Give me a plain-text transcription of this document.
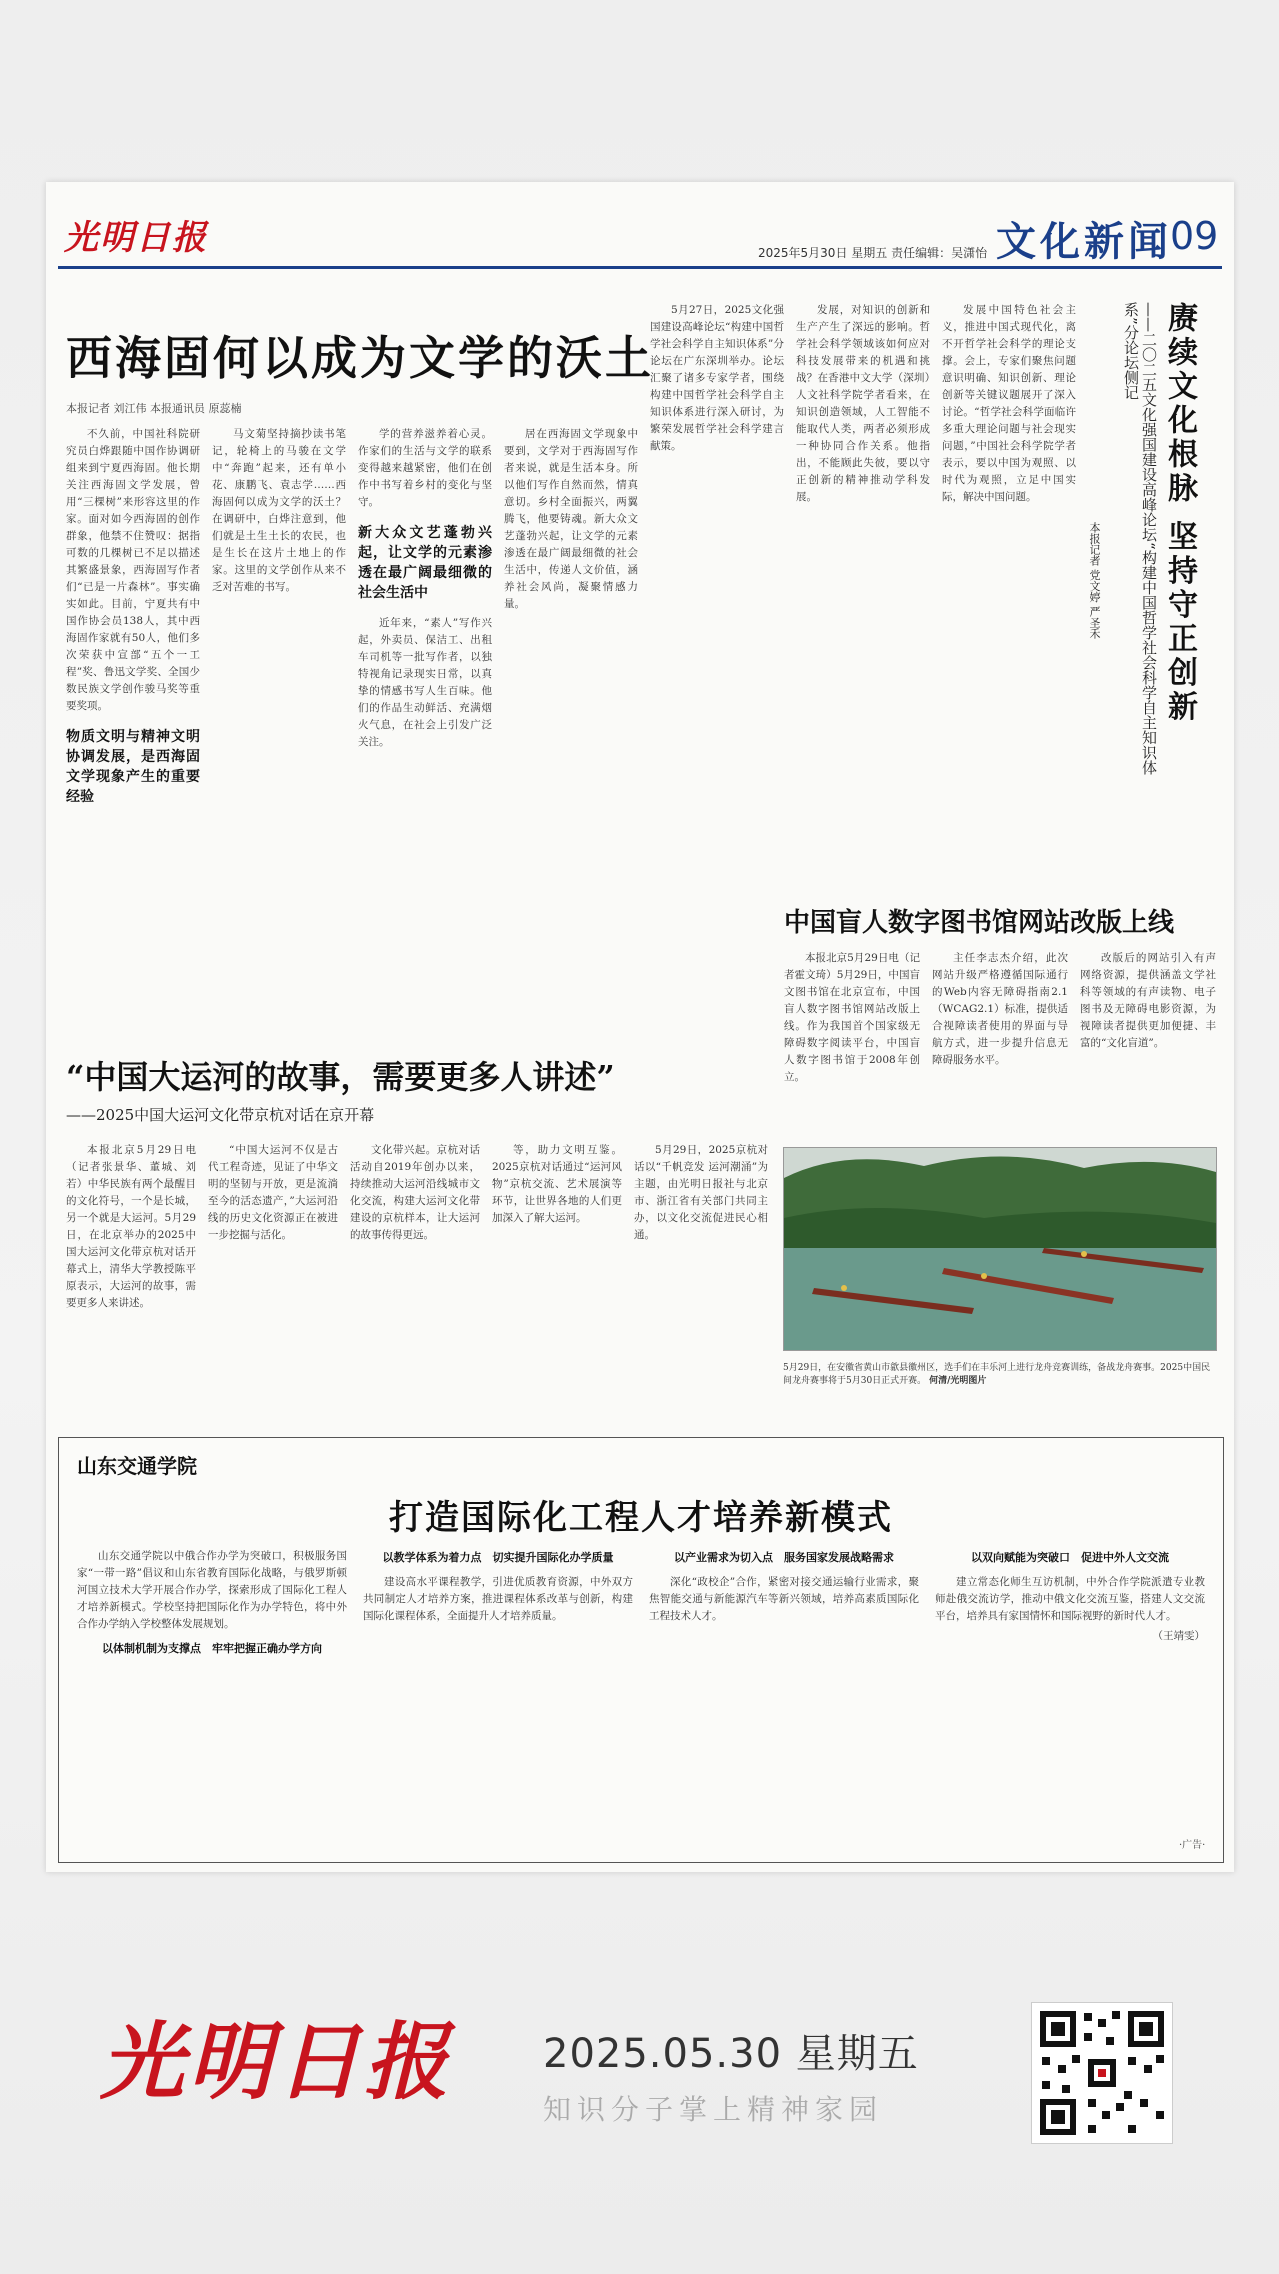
光明日报	2025年5月30日 星期五 责任编辑：吴潇怡 文化新闻
09
西海固何以成为文学的沃土
本报记者 刘江伟 本报通讯员 原蕊楠

不久前，中国社科院研究员白烨跟随中国作协调研组来到宁夏西海固。他长期关注西海固文学发展，曾用“三棵树”来形容这里的作家。面对如今西海固的创作群象，他禁不住赞叹：据指可数的几棵树已不足以描述其繁盛景象，西海固写作者们“已是一片森林”。事实确实如此。目前，宁夏共有中国作协会员138人，其中西海固作家就有50人，他们多次荣获中宣部“五个一工程”奖、鲁迅文学奖、全国少数民族文学创作骏马奖等重要奖项。

物质文明与精神文明协调发展，是西海固文学现象产生的重要经验

马文菊坚持摘抄读书笔记，轮椅上的马骏在文学中“奔跑”起来，还有单小花、康鹏飞、袁志学……西海固何以成为文学的沃土？在调研中，白烨注意到，他们就是土生土长的农民，也是生长在这片土地上的作家。这里的文学创作从来不乏对苦难的书写。

学的营养滋养着心灵。作家们的生活与文学的联系变得越来越紧密，他们在创作中书写着乡村的变化与坚守。

新大众文艺蓬勃兴起，让文学的元素渗透在最广阔最细微的社会生活中

近年来，“素人”写作兴起，外卖员、保洁工、出租车司机等一批写作者，以独特视角记录现实日常，以真挚的情感书写人生百味。他们的作品生动鲜活、充满烟火气息，在社会上引发广泛关注。

居在西海固文学现象中要到，文学对于西海固写作者来说，就是生活本身。所以他们写作自然而然，情真意切。乡村全面振兴，两翼腾飞，他要铸魂。新大众文艺蓬勃兴起，让文学的元素渗透在最广阔最细微的社会生活中，传递人文价值，涵养社会风尚，凝聚情感力量。

5月27日，2025文化强国建设高峰论坛“构建中国哲学社会科学自主知识体系”分论坛在广东深圳举办。论坛汇聚了诸多专家学者，围绕构建中国哲学社会科学自主知识体系进行深入研讨，为繁荣发展哲学社会科学建言献策。

发展，对知识的创新和生产产生了深远的影响。哲学社会科学领域该如何应对科技发展带来的机遇和挑战？在香港中文大学（深圳）人文社科学院学者看来，在知识创造领域，人工智能不能取代人类，两者必须形成一种协同合作关系。他指出，不能顾此失彼，要以守正创新的精神推动学科发展。

发展中国特色社会主义，推进中国式现代化，离不开哲学社会科学的理论支撑。会上，专家们聚焦问题意识明确、知识创新、理论创新等关键议题展开了深入讨论。“哲学社会科学面临许多重大理论问题与社会现实问题，”中国社会科学院学者表示，要以中国为观照、以时代为观照，立足中国实际，解决中国问题。

本报记者 党文婷 严圣禾	——二〇二五文化强国建设高峰论坛“构建中国哲学社会科学自主知识体系”分论坛侧记 赓续文化根脉 坚持守正创新
中国盲人数字图书馆网站改版上线

本报北京5月29日电（记者霍文琦）5月29日，中国盲文图书馆在北京宣布，中国盲人数字图书馆网站改版上线。作为我国首个国家级无障碍数字阅读平台，中国盲人数字图书馆于2008年创立。

主任李志杰介绍，此次网站升级严格遵循国际通行的Web内容无障碍指南2.1（WCAG2.1）标准，提供适合视障读者使用的界面与导航方式，进一步提升信息无障碍服务水平。

改版后的网站引入有声网络资源，提供涵盖文学社科等领域的有声读物、电子图书及无障碍电影资源，为视障读者提供更加便捷、丰富的“文化盲道”。

“中国大运河的故事，需要更多人讲述”
——2025中国大运河文化带京杭对话在京开幕

本报北京5月29日电（记者张景华、董城、刘若）中华民族有两个最醒目的文化符号，一个是长城，另一个就是大运河。5月29日，在北京举办的2025中国大运河文化带京杭对话开幕式上，清华大学教授陈平原表示，大运河的故事，需要更多人来讲述。

“中国大运河不仅是古代工程奇迹，见证了中华文明的坚韧与开放，更是流淌至今的活态遗产，”大运河沿线的历史文化资源正在被进一步挖掘与活化。

文化带兴起。京杭对话活动自2019年创办以来，持续推动大运河沿线城市文化交流，构建大运河文化带建设的京杭样本，让大运河的故事传得更远。

等，助力文明互鉴。2025京杭对话通过“运河风物”京杭交流、艺术展演等环节，让世界各地的人们更加深入了解大运河。

5月29日，2025京杭对话以“千帆竞发 运河潮涌”为主题，由光明日报社与北京市、浙江省有关部门共同主办，以文化交流促进民心相通。

5月29日，在安徽省黄山市歙县徽州区，选手们在丰乐河上进行龙舟竞赛训练，备战龙舟赛事。2025中国民间龙舟赛事将于5月30日正式开赛。 何清/光明图片
山东交通学院
打造国际化工程人才培养新模式

山东交通学院以中俄合作办学为突破口，积极服务国家“一带一路”倡议和山东省教育国际化战略，与俄罗斯顿河国立技术大学开展合作办学，探索形成了国际化工程人才培养新模式。学校坚持把国际化作为办学特色，将中外合作办学纳入学校整体发展规划。

以体制机制为支撑点　牢牢把握正确办学方向
以教学体系为着力点　切实提升国际化办学质量

建设高水平课程教学，引进优质教育资源，中外双方共同制定人才培养方案，推进课程体系改革与创新，构建国际化课程体系，全面提升人才培养质量。

以产业需求为切入点　服务国家发展战略需求

深化“政校企”合作，紧密对接交通运输行业需求，聚焦智能交通与新能源汽车等新兴领域，培养高素质国际化工程技术人才。

以双向赋能为突破口　促进中外人文交流

建立常态化师生互访机制，中外合作学院派遣专业教师赴俄交流访学，推动中俄文化交流互鉴，搭建人文交流平台，培养具有家国情怀和国际视野的新时代人才。

（王靖雯）
·广告·
光明日报 2025.05.30 星期五
知识分子掌上精神家园
